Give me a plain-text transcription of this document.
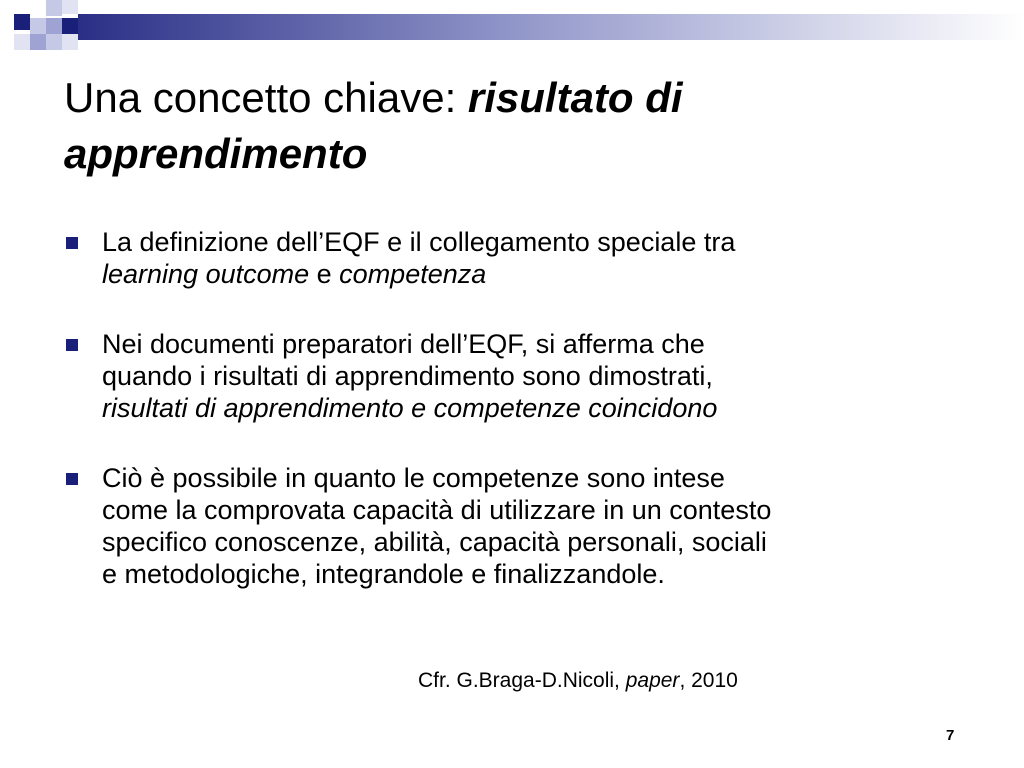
Una concetto chiave: risultato di
apprendimento
La definizione dell’EQF e il collegamento speciale tra
learning outcome e competenza
Nei documenti preparatori dell’EQF, si afferma che
quando i risultati di apprendimento sono dimostrati,
risultati di apprendimento e competenze coincidono
Ciò è possibile in quanto le competenze sono intese
come la comprovata capacità di utilizzare in un contesto
specifico conoscenze, abilità, capacità personali, sociali
e metodologiche, integrandole e finalizzandole.
Cfr. G.Braga-D.Nicoli, paper, 2010
7
